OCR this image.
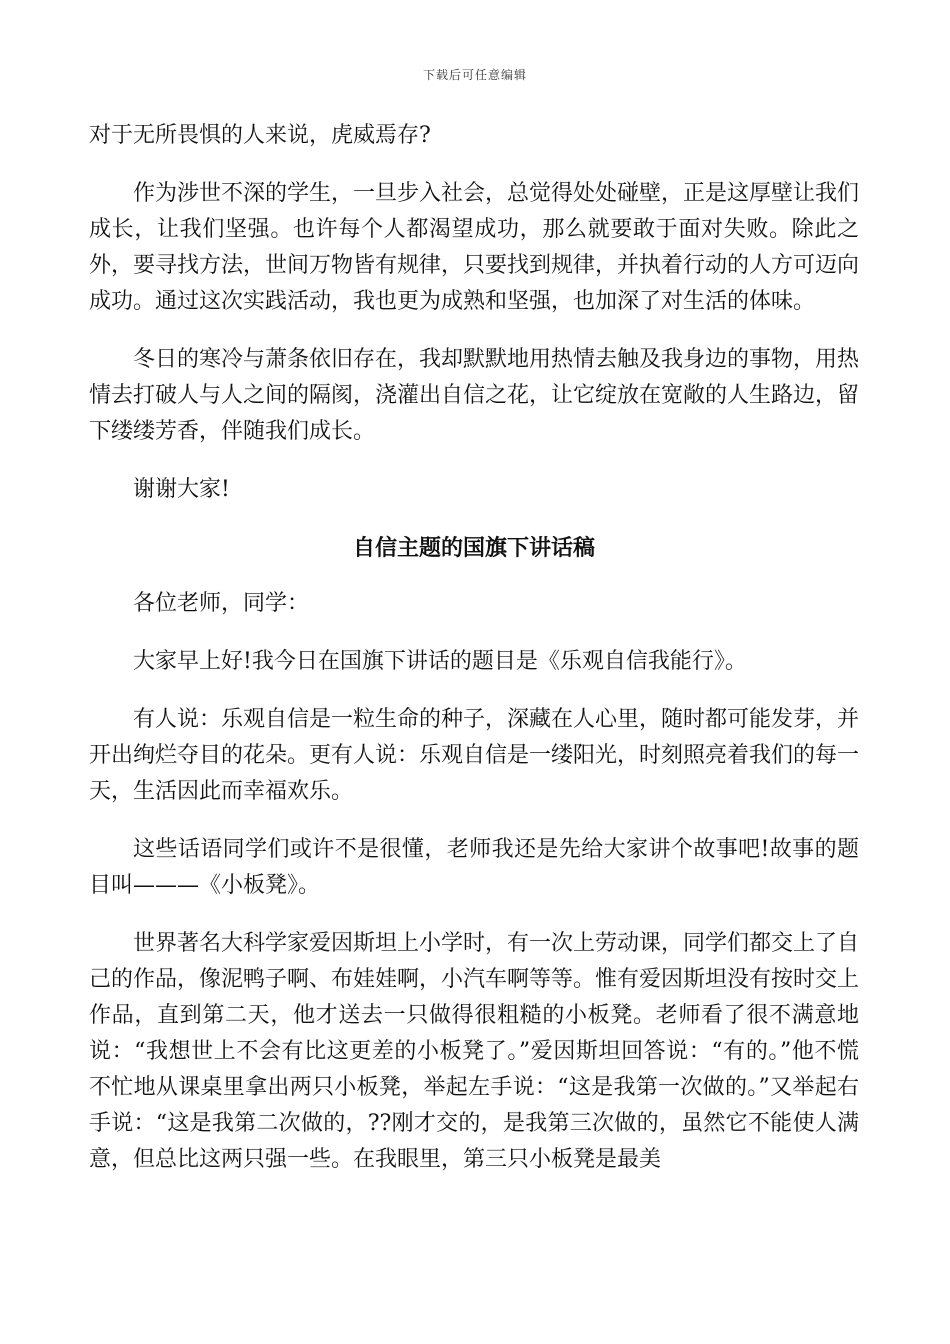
下载后可任意编辑

对于无所畏惧的人来说，虎威焉存?

作为涉世不深的学生，一旦步入社会，总觉得处处碰壁，正是这厚壁让我们成长，让我们坚强。也许每个人都渴望成功，那么就要敢于面对失败。除此之外，要寻找方法，世间万物皆有规律，只要找到规律，并执着行动的人方可迈向成功。通过这次实践活动，我也更为成熟和坚强，也加深了对生活的体味。

冬日的寒冷与萧条依旧存在，我却默默地用热情去触及我身边的事物，用热情去打破人与人之间的隔阂，浇灌出自信之花，让它绽放在宽敞的人生路边，留下缕缕芳香，伴随我们成长。

谢谢大家!

自信主题的国旗下讲话稿

各位老师，同学：

大家早上好!我今日在国旗下讲话的题目是《乐观自信我能行》。

有人说：乐观自信是一粒生命的种子，深藏在人心里，随时都可能发芽，并开出绚烂夺目的花朵。更有人说：乐观自信是一缕阳光，时刻照亮着我们的每一天，生活因此而幸福欢乐。

这些话语同学们或许不是很懂，老师我还是先给大家讲个故事吧!故事的题目叫———《小板凳》。

世界著名大科学家爱因斯坦上小学时，有一次上劳动课，同学们都交上了自己的作品，像泥鸭子啊、布娃娃啊，小汽车啊等等。惟有爱因斯坦没有按时交上作品，直到第二天，他才送去一只做得很粗糙的小板凳。老师看了很不满意地说：“我想世上不会有比这更差的小板凳了。”爱因斯坦回答说：“有的。”他不慌不忙地从课桌里拿出两只小板凳，举起左手说：“这是我第一次做的。”又举起右手说：“这是我第二次做的，??刚才交的，是我第三次做的，虽然它不能使人满意，但总比这两只强一些。在我眼里，第三只小板凳是最美
